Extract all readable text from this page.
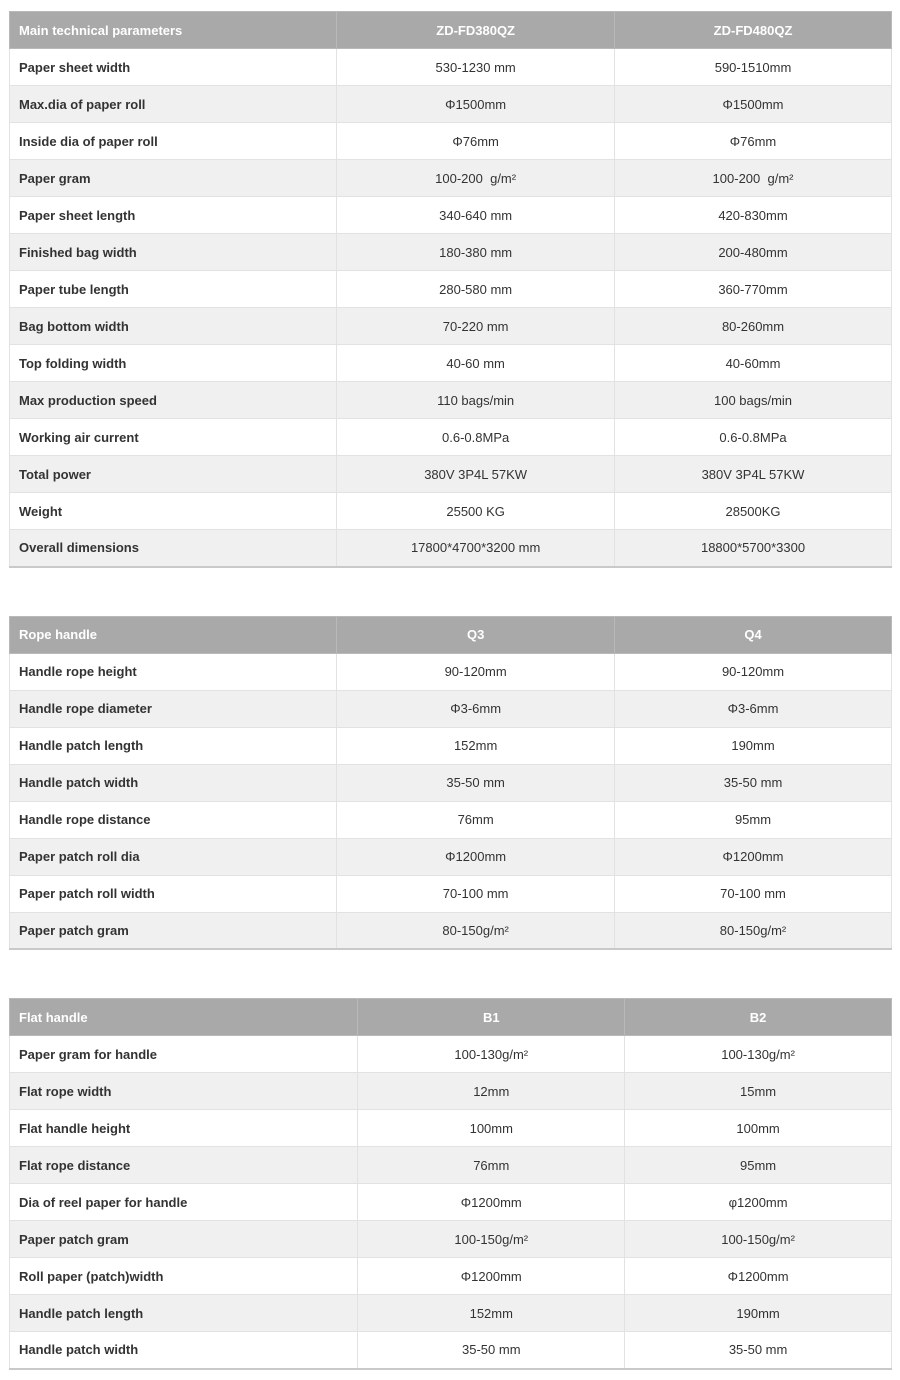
Main technical parameters	ZD-FD380QZ	ZD-FD480QZ
Paper sheet width	530-1230 mm	590-1510mm
Max.dia of paper roll	Φ1500mm	Φ1500mm
Inside dia of paper roll	Φ76mm	Φ76mm
Paper gram	100-200  g/m²	100-200  g/m²
Paper sheet length	340-640 mm	420-830mm
Finished bag width	180-380 mm	200-480mm
Paper tube length	280-580 mm	360-770mm
Bag bottom width	70-220 mm	80-260mm
Top folding width	40-60 mm	40-60mm
Max production speed	110 bags/min	100 bags/min
Working air current	0.6-0.8MPa	0.6-0.8MPa
Total power	380V 3P4L 57KW	380V 3P4L 57KW
Weight	25500 KG	28500KG
Overall dimensions	17800*4700*3200 mm	18800*5700*3300
Rope handle	Q3	Q4
Handle rope height	90-120mm	90-120mm
Handle rope diameter	Φ3-6mm	Φ3-6mm
Handle patch length	152mm	190mm
Handle patch width	35-50 mm	35-50 mm
Handle rope distance	76mm	95mm
Paper patch roll dia	Φ1200mm	Φ1200mm
Paper patch roll width	70-100 mm	70-100 mm
Paper patch gram	80-150g/m²	80-150g/m²
Flat handle	B1	B2
Paper gram for handle	100-130g/m²	100-130g/m²
Flat rope width	12mm	15mm
Flat handle height	100mm	100mm
Flat rope distance	76mm	95mm
Dia of reel paper for handle	Φ1200mm	φ1200mm
Paper patch gram	100-150g/m²	100-150g/m²
Roll paper (patch)width	Φ1200mm	Φ1200mm
Handle patch length	152mm	190mm
Handle patch width	35-50 mm	35-50 mm
